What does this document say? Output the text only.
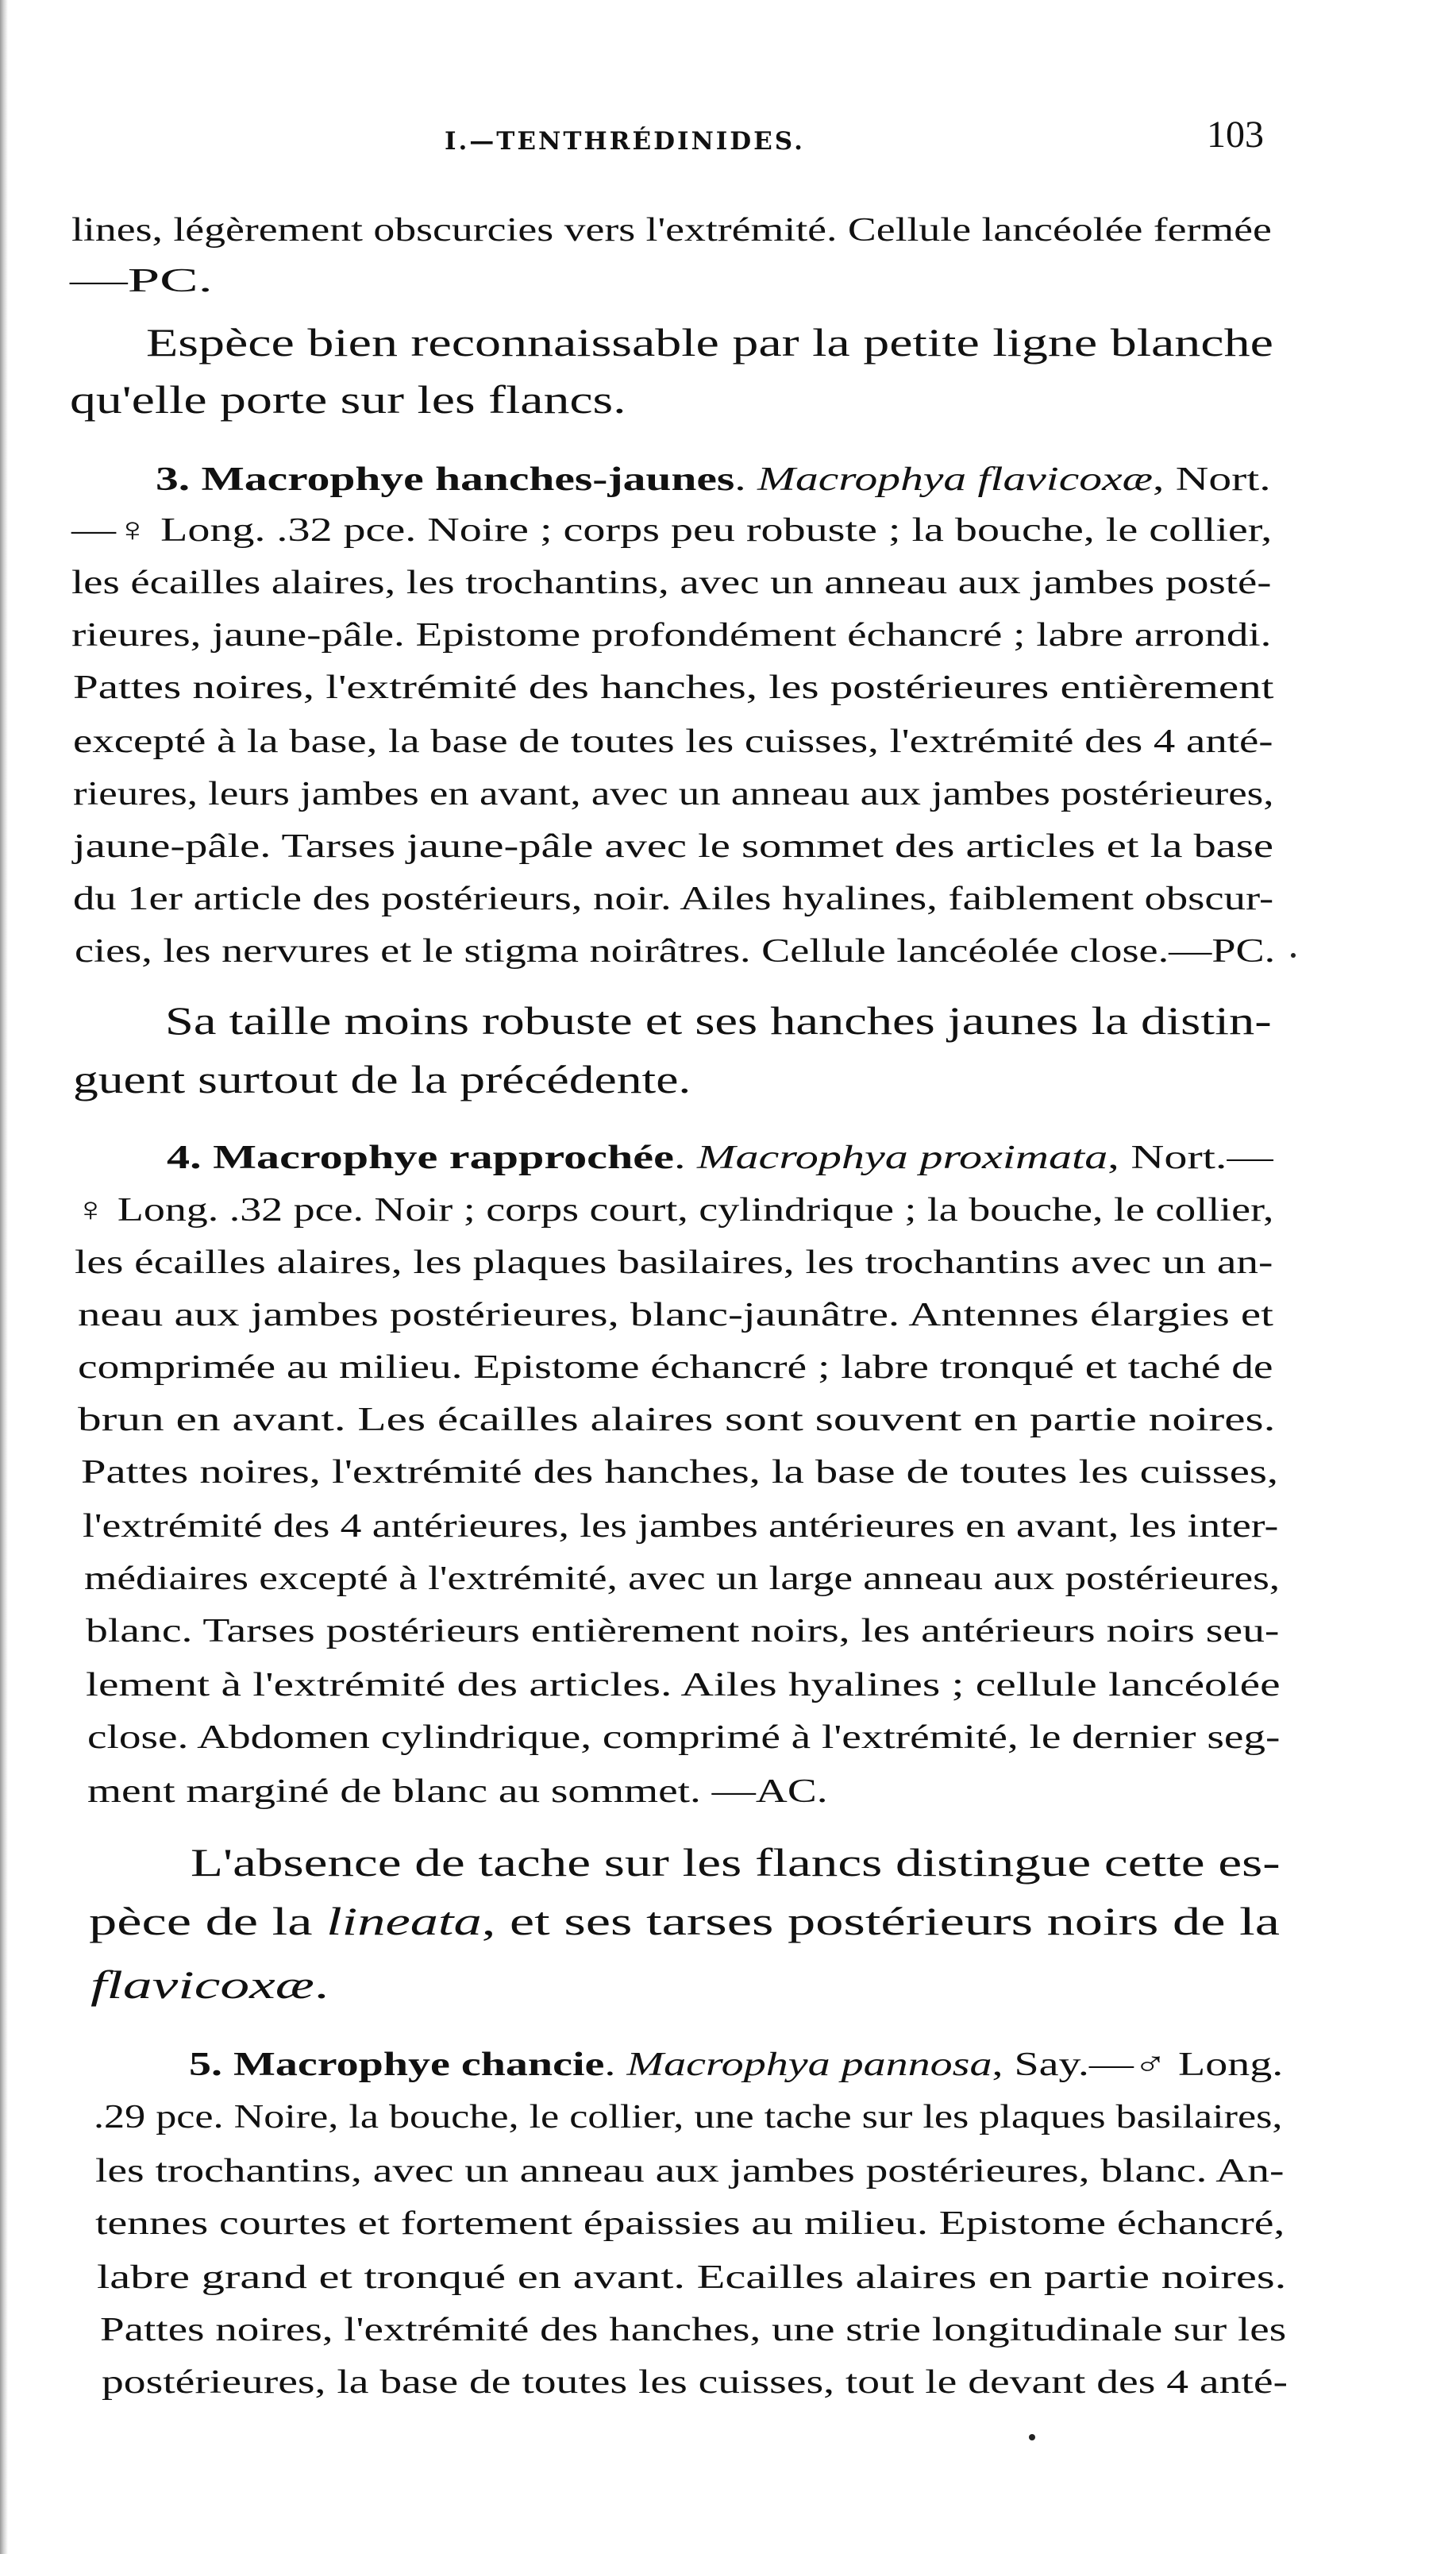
I.—TENTHRÉDINIDES.	103
lines, légèrement obscurcies vers l'extrémité. Cellule lancéolée fermée
—PC.
Espèce bien reconnaissable par la petite ligne blanche
qu'elle porte sur les flancs.
3. Macrophye hanches-jaunes. Macrophya flavicoxæ, Nort.
—♀ Long. .32 pce. Noire ; corps peu robuste ; la bouche, le collier,
les écailles alaires, les trochantins, avec un anneau aux jambes posté-
rieures, jaune-pâle. Epistome profondément échancré ; labre arrondi.
Pattes noires, l'extrémité des hanches, les postérieures entièrement
excepté à la base, la base de toutes les cuisses, l'extrémité des 4 anté-
rieures, leurs jambes en avant, avec un anneau aux jambes postérieures,
jaune-pâle. Tarses jaune-pâle avec le sommet des articles et la base
du 1er article des postérieurs, noir. Ailes hyalines, faiblement obscur-
cies, les nervures et le stigma noirâtres. Cellule lancéolée close.—PC.
Sa taille moins robuste et ses hanches jaunes la distin-
guent surtout de la précédente.
4. Macrophye rapprochée. Macrophya proximata, Nort.—
♀ Long. .32 pce. Noir ; corps court, cylindrique ; la bouche, le collier,
les écailles alaires, les plaques basilaires, les trochantins avec un an-
neau aux jambes postérieures, blanc-jaunâtre. Antennes élargies et
comprimée au milieu. Epistome échancré ; labre tronqué et taché de
brun en avant. Les écailles alaires sont souvent en partie noires.
Pattes noires, l'extrémité des hanches, la base de toutes les cuisses,
l'extrémité des 4 antérieures, les jambes antérieures en avant, les inter-
médiaires excepté à l'extrémité, avec un large anneau aux postérieures,
blanc. Tarses postérieurs entièrement noirs, les antérieurs noirs seu-
lement à l'extrémité des articles. Ailes hyalines ; cellule lancéolée
close. Abdomen cylindrique, comprimé à l'extrémité, le dernier seg-
ment marginé de blanc au sommet. —AC.
L'absence de tache sur les flancs distingue cette es-
pèce de la lineata, et ses tarses postérieurs noirs de la
flavicoxæ.
5. Macrophye chancie. Macrophya pannosa, Say.—♂ Long.
.29 pce. Noire, la bouche, le collier, une tache sur les plaques basilaires,
les trochantins, avec un anneau aux jambes postérieures, blanc. An-
tennes courtes et fortement épaissies au milieu. Epistome échancré,
labre grand et tronqué en avant. Ecailles alaires en partie noires.
Pattes noires, l'extrémité des hanches, une strie longitudinale sur les
postérieures, la base de toutes les cuisses, tout le devant des 4 anté-
